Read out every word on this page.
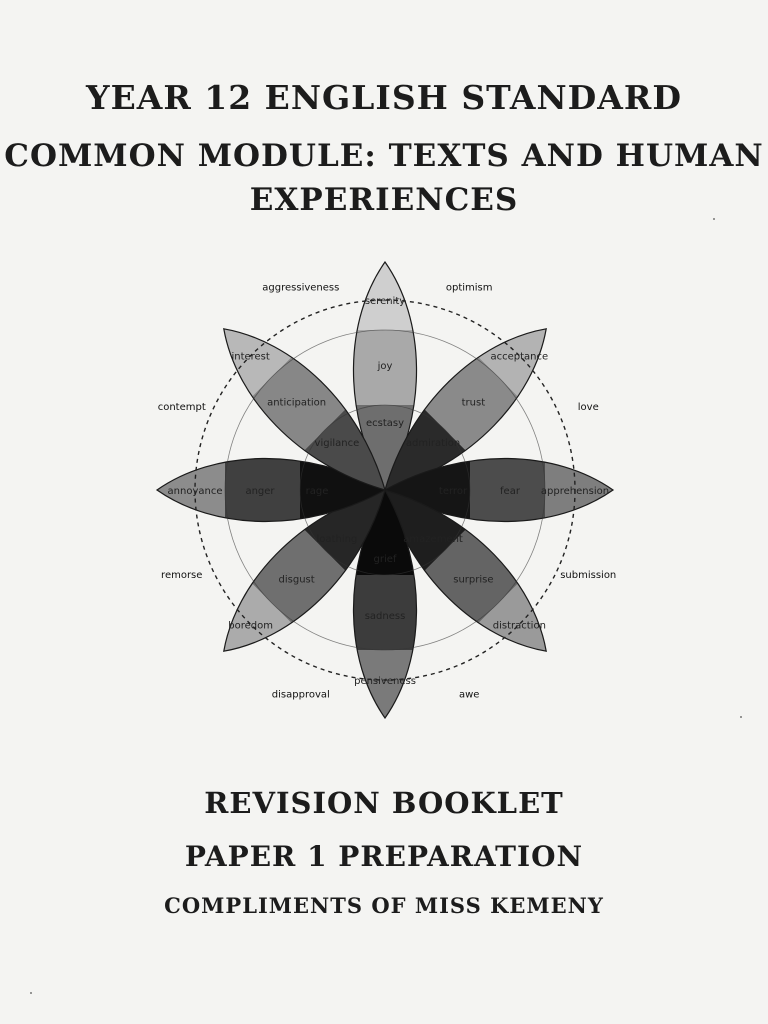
YEAR 12 ENGLISH STANDARD
COMMON MODULE: TEXTS AND HUMAN
EXPERIENCES
serenity
joy
ecstasy
acceptance
trust
admiration
apprehension
fear
terror
distraction
surprise
amazement
pensiveness
sadness
grief
boredom
disgust
loathing
annoyance anger	rage
interest
anticipation
vigilance
optimism
love
submission
awe
disapproval
remorse
contempt
aggressiveness
REVISION BOOKLET
PAPER 1 PREPARATION
COMPLIMENTS OF MISS KEMENY
